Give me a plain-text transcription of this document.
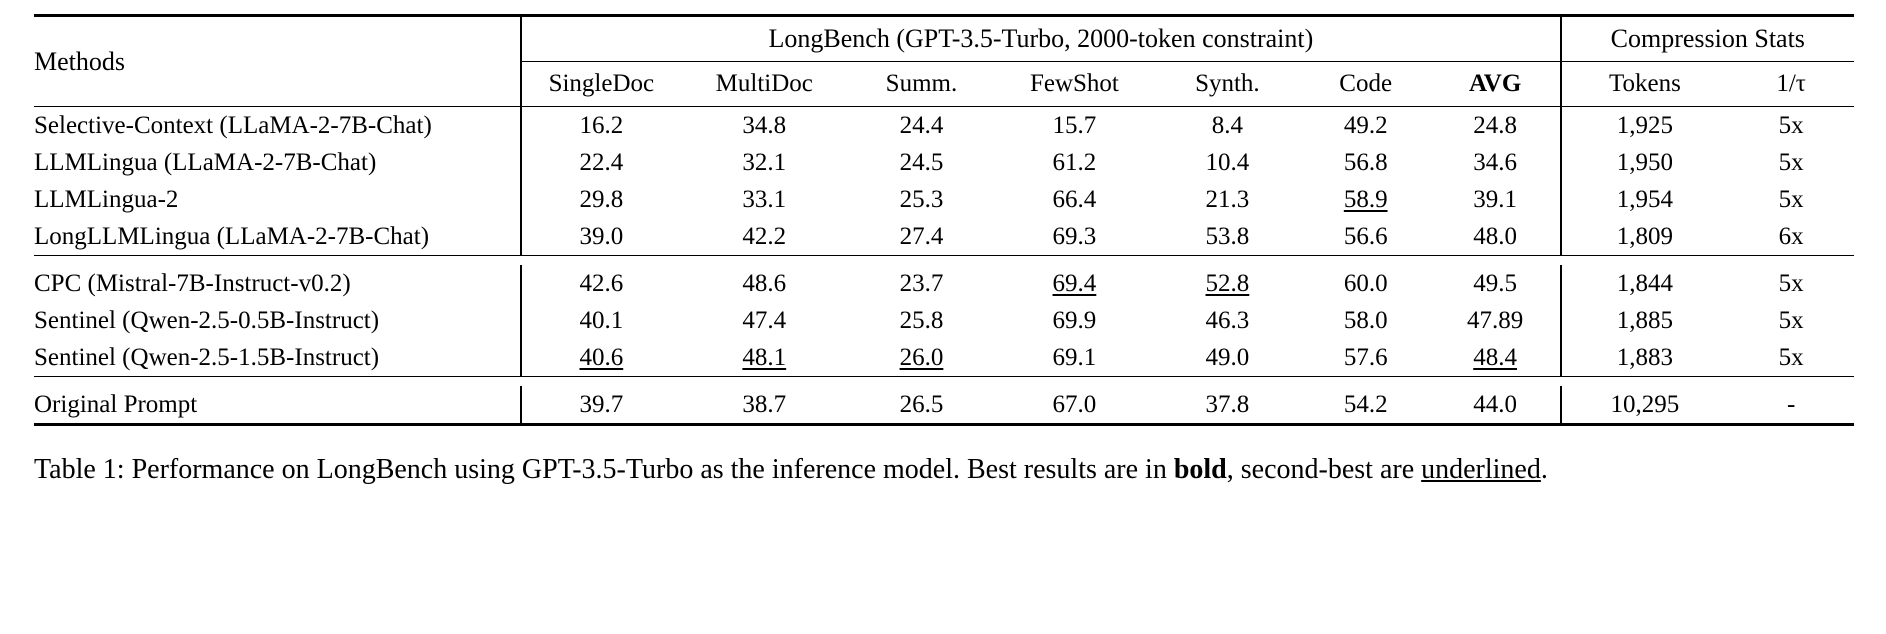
Methods	LongBench (GPT-3.5-Turbo, 2000-token constraint)							Compression Stats	
	SingleDoc	MultiDoc	Summ.	FewShot	Synth.	Code	AVG	Tokens	1/τ

Selective-Context (LLaMA-2-7B-Chat)	16.2	34.8	24.4	15.7	8.4	49.2	24.8	1,925	5x
LLMLingua (LLaMA-2-7B-Chat)	22.4	32.1	24.5	61.2	10.4	56.8	34.6	1,950	5x
LLMLingua-2	29.8	33.1	25.3	66.4	21.3	58.9	39.1	1,954	5x
LongLLMLingua (LLaMA-2-7B-Chat)	39.0	42.2	27.4	69.3	53.8	56.6	48.0	1,809	6x

CPC (Mistral-7B-Instruct-v0.2)	42.6	48.6	23.7	69.4	52.8	60.0	49.5	1,844	5x
Sentinel (Qwen-2.5-0.5B-Instruct)	40.1	47.4	25.8	69.9	46.3	58.0	47.89	1,885	5x
Sentinel (Qwen-2.5-1.5B-Instruct)	40.6	48.1	26.0	69.1	49.0	57.6	48.4	1,883	5x

Original Prompt	39.7	38.7	26.5	67.0	37.8	54.2	44.0	10,295	-

Table 1: Performance on LongBench using GPT-3.5-Turbo as the inference model. Best results are in bold, second-best are underlined.
